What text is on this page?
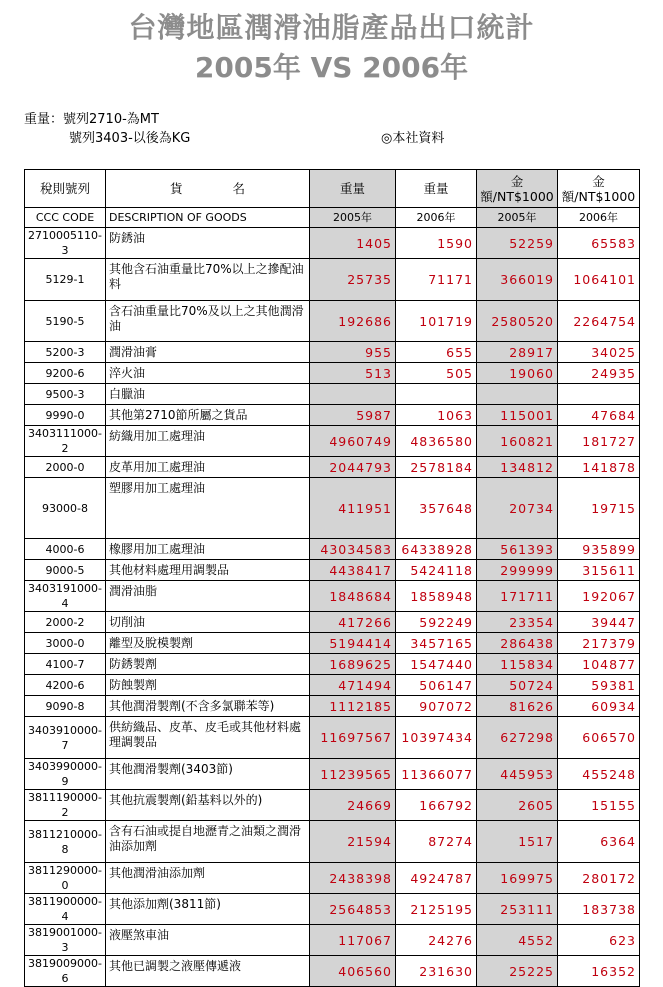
台灣地區潤滑油脂產品出口統計
2005年 VS 2006年
重量：號列2710-為MT
號列3403-以後為KG	◎本社資料
稅則號列	貨　　　　名	重量	重量	金額/NT$1000	金額/NT$1000
CCC CODE	DESCRIPTION OF GOODS	2005年	2006年	2005年	2006年
2710005110-3	防銹油	1405	1590	52259	65583
5129-1	其他含石油重量比70%以上之摻配油料	25735	71171	366019	1064101
5190-5	含石油重量比70%及以上之其他潤滑油	192686	101719	2580520	2264754
5200-3	潤滑油膏	955	655	28917	34025
9200-6	淬火油	513	505	19060	24935
9500-3	白臘油				
9990-0	其他第2710節所屬之貨品	5987	1063	115001	47684
3403111000-2	紡織用加工處理油	4960749	4836580	160821	181727
2000-0	皮革用加工處理油	2044793	2578184	134812	141878
93000-8	塑膠用加工處理油	411951	357648	20734	19715
4000-6	橡膠用加工處理油	43034583	64338928	561393	935899
9000-5	其他材料處理用調製品	4438417	5424118	299999	315611
3403191000-4	潤滑油脂	1848684	1858948	171711	192067
2000-2	切削油	417266	592249	23354	39447
3000-0	離型及脫模製劑	5194414	3457165	286438	217379
4100-7	防銹製劑	1689625	1547440	115834	104877
4200-6	防蝕製劑	471494	506147	50724	59381
9090-8	其他潤滑製劑(不含多氯聯苯等)	1112185	907072	81626	60934
3403910000-7	供紡織品、皮革、皮毛或其他材料處理調製品	11697567	10397434	627298	606570
3403990000-9	其他潤滑製劑(3403節)	11239565	11366077	445953	455248
3811190000-2	其他抗震製劑(鉛基料以外的)	24669	166792	2605	15155
3811210000-8	含有石油或提自地瀝青之油類之潤滑油添加劑	21594	87274	1517	6364
3811290000-0	其他潤滑油添加劑	2438398	4924787	169975	280172
3811900000-4	其他添加劑(3811節)	2564853	2125195	253111	183738
3819001000-3	液壓煞車油	117067	24276	4552	623
3819009000-6	其他已調製之液壓傳遞液	406560	231630	25225	16352
